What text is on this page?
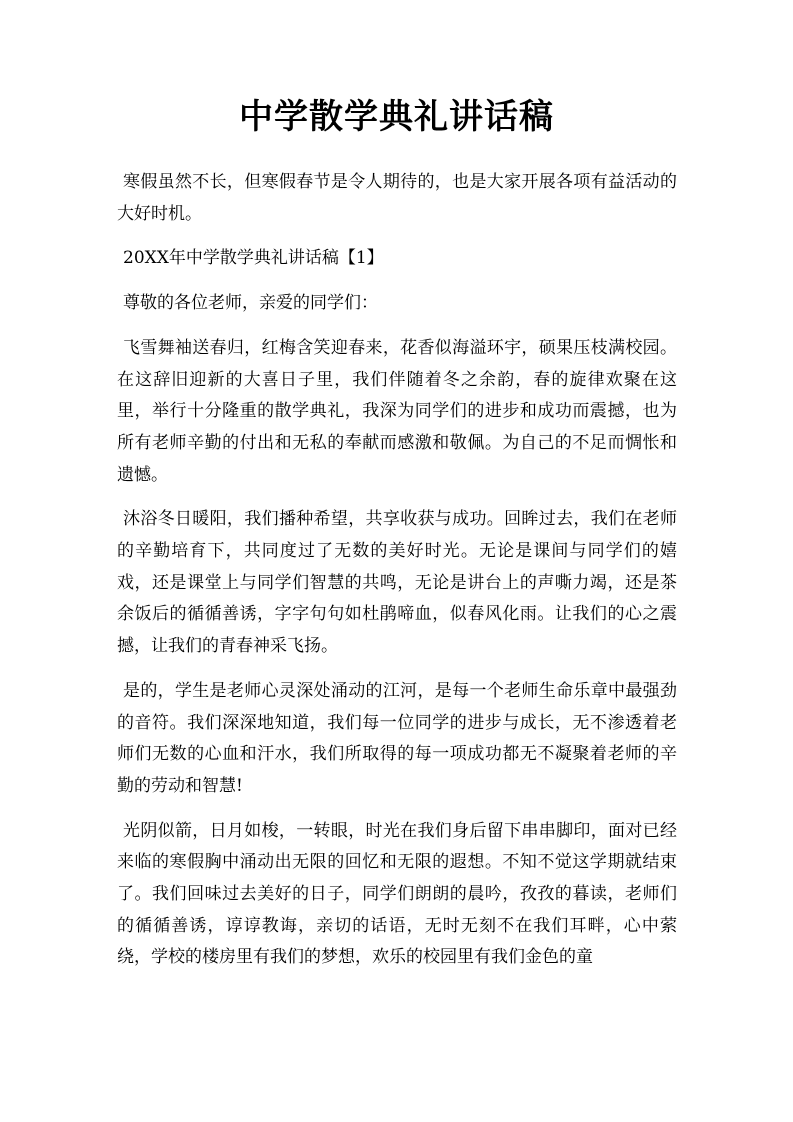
中学散学典礼讲话稿

寒假虽然不长，但寒假春节是令人期待的，也是大家开展各项有益活动的大好时机。

20XX年中学散学典礼讲话稿【1】

尊敬的各位老师，亲爱的同学们：

飞雪舞袖送春归，红梅含笑迎春来，花香似海溢环宇，硕果压枝满校园。在这辞旧迎新的大喜日子里，我们伴随着冬之余韵，春的旋律欢聚在这里，举行十分隆重的散学典礼，我深为同学们的进步和成功而震撼，也为所有老师辛勤的付出和无私的奉献而感激和敬佩。为自己的不足而惆怅和遗憾。

沐浴冬日暖阳，我们播种希望，共享收获与成功。回眸过去，我们在老师的辛勤培育下，共同度过了无数的美好时光。无论是课间与同学们的嬉戏，还是课堂上与同学们智慧的共鸣，无论是讲台上的声嘶力竭，还是茶余饭后的循循善诱，字字句句如杜鹃啼血，似春风化雨。让我们的心之震撼，让我们的青春神采飞扬。

是的，学生是老师心灵深处涌动的江河，是每一个老师生命乐章中最强劲的音符。我们深深地知道，我们每一位同学的进步与成长，无不渗透着老师们无数的心血和汗水，我们所取得的每一项成功都无不凝聚着老师的辛勤的劳动和智慧!

光阴似箭，日月如梭，一转眼，时光在我们身后留下串串脚印，面对已经来临的寒假胸中涌动出无限的回忆和无限的遐想。不知不觉这学期就结束了。我们回味过去美好的日子，同学们朗朗的晨吟，孜孜的暮读，老师们的循循善诱，谆谆教诲，亲切的话语，无时无刻不在我们耳畔，心中萦绕，学校的楼房里有我们的梦想，欢乐的校园里有我们金色的童
